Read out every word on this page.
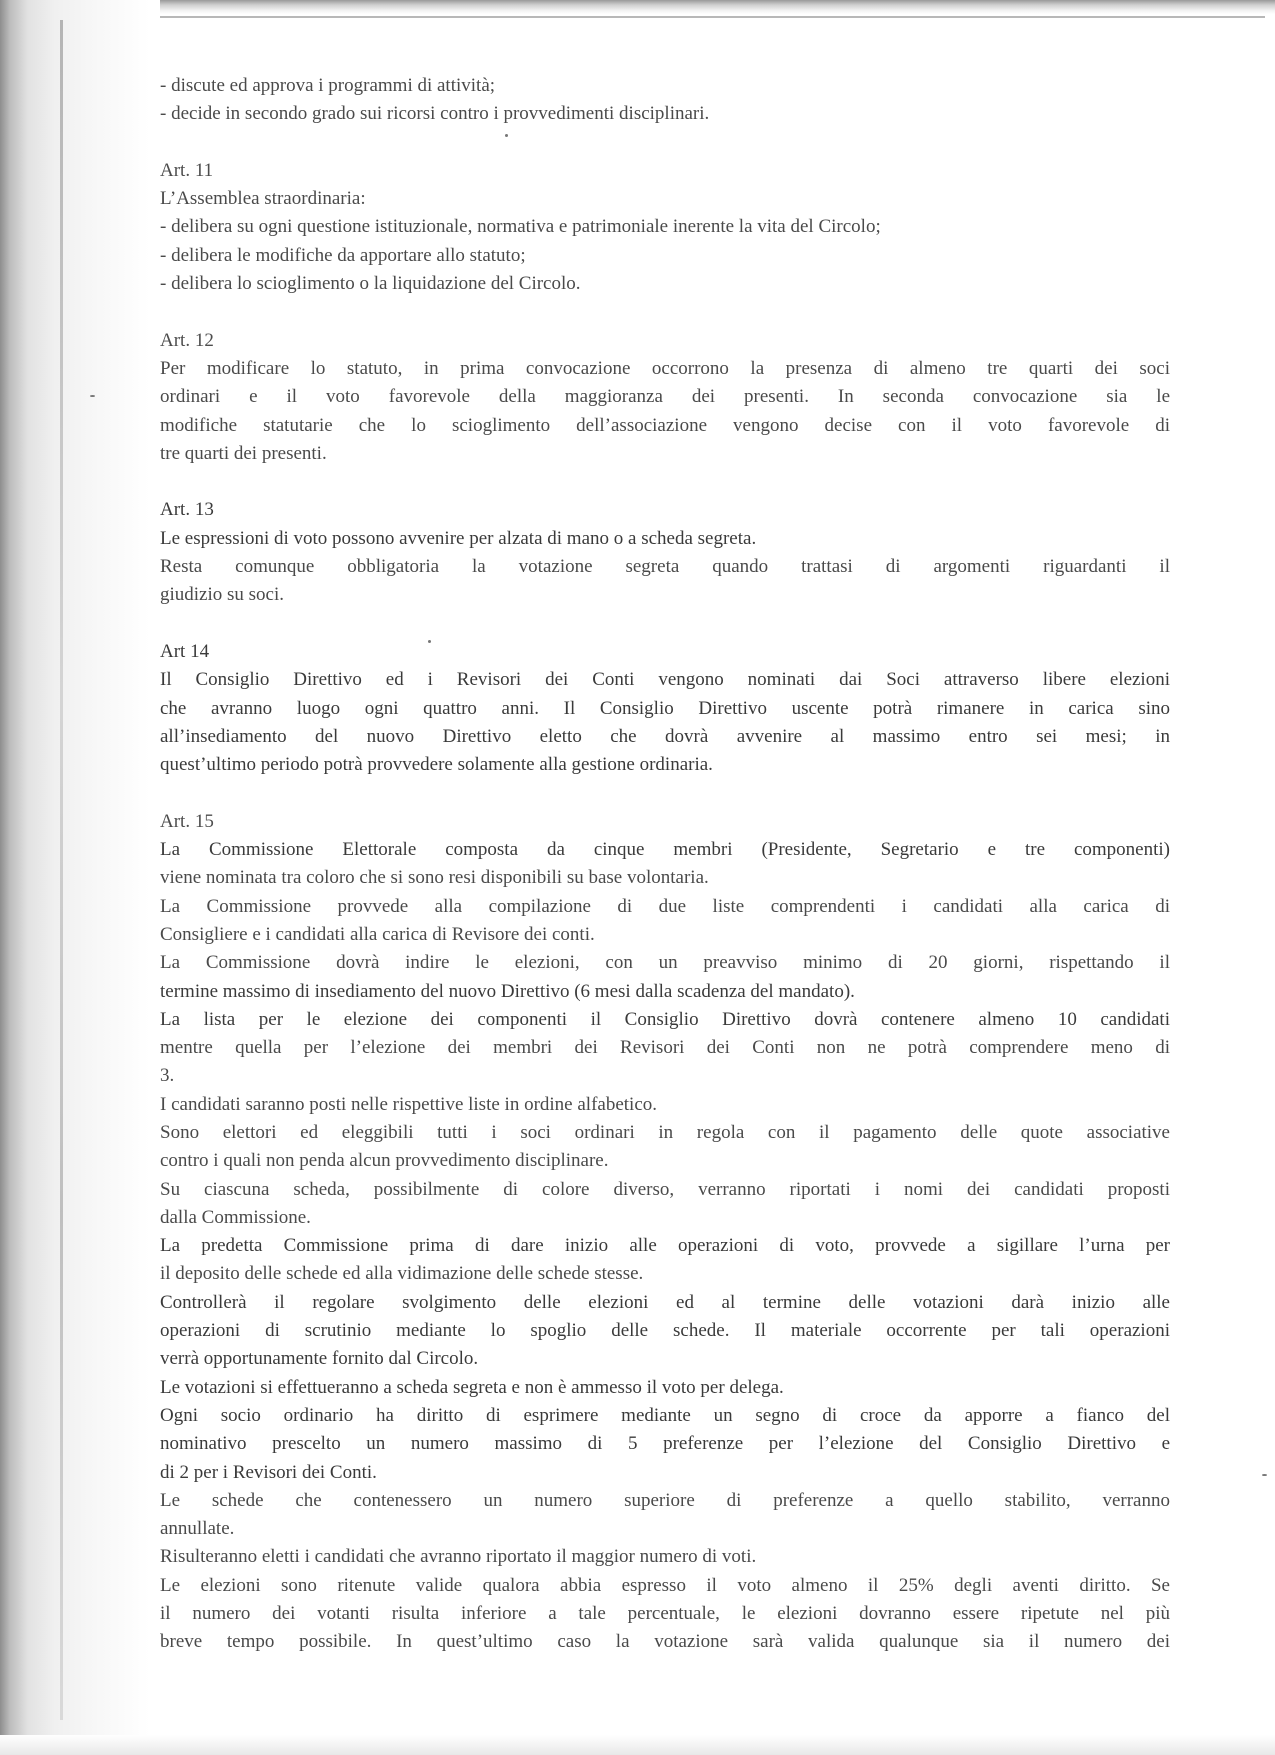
- discute ed approva i programmi di attività;
- decide in secondo grado sui ricorsi contro i provvedimenti disciplinari.
Art. 11
L’Assemblea straordinaria:
- delibera su ogni questione istituzionale, normativa e patrimoniale inerente la vita del Circolo;
- delibera le modifiche da apportare allo statuto;
- delibera lo scioglimento o la liquidazione del Circolo.
Art. 12
Per modificare lo statuto, in prima convocazione occorrono la presenza di almeno tre quarti dei soci
ordinari e il voto favorevole della maggioranza dei presenti. In seconda convocazione sia le
modifiche statutarie che lo scioglimento dell’associazione vengono decise con il voto favorevole di
tre quarti dei presenti.
Art. 13
Le espressioni di voto possono avvenire per alzata di mano o a scheda segreta.
Resta comunque obbligatoria la votazione segreta quando trattasi di argomenti riguardanti il
giudizio su soci.
Art 14
Il Consiglio Direttivo ed i Revisori dei Conti vengono nominati dai Soci attraverso libere elezioni
che avranno luogo ogni quattro anni. Il Consiglio Direttivo uscente potrà rimanere in carica sino
all’insediamento del nuovo Direttivo eletto che dovrà avvenire al massimo entro sei mesi; in
quest’ultimo periodo potrà provvedere solamente alla gestione ordinaria.
Art. 15
La Commissione Elettorale composta da cinque membri (Presidente, Segretario e tre componenti)
viene nominata tra coloro che si sono resi disponibili su base volontaria.
La Commissione provvede alla compilazione di due liste comprendenti i candidati alla carica di
Consigliere e i candidati alla carica di Revisore dei conti.
La Commissione dovrà indire le elezioni, con un preavviso minimo di 20 giorni, rispettando il
termine massimo di insediamento del nuovo Direttivo (6 mesi dalla scadenza del mandato).
La lista per le elezione dei componenti il Consiglio Direttivo dovrà contenere almeno 10 candidati
mentre quella per l’elezione dei membri dei Revisori dei Conti non ne potrà comprendere meno di
3.
I candidati saranno posti nelle rispettive liste in ordine alfabetico.
Sono elettori ed eleggibili tutti i soci ordinari in regola con il pagamento delle quote associative
contro i quali non penda alcun provvedimento disciplinare.
Su ciascuna scheda, possibilmente di colore diverso, verranno riportati i nomi dei candidati proposti
dalla Commissione.
La predetta Commissione prima di dare inizio alle operazioni di voto, provvede a sigillare l’urna per
il deposito delle schede ed alla vidimazione delle schede stesse.
Controllerà il regolare svolgimento delle elezioni ed al termine delle votazioni darà inizio alle
operazioni di scrutinio mediante lo spoglio delle schede. Il materiale occorrente per tali operazioni
verrà opportunamente fornito dal Circolo.
Le votazioni si effettueranno a scheda segreta e non è ammesso il voto per delega.
Ogni socio ordinario ha diritto di esprimere mediante un segno di croce da apporre a fianco del
nominativo prescelto un numero massimo di 5 preferenze per l’elezione del Consiglio Direttivo e
di 2 per i Revisori dei Conti.
Le schede che contenessero un numero superiore di preferenze a quello stabilito, verranno
annullate.
Risulteranno eletti i candidati che avranno riportato il maggior numero di voti.
Le elezioni sono ritenute valide qualora abbia espresso il voto almeno il 25% degli aventi diritto. Se
il numero dei votanti risulta inferiore a tale percentuale, le elezioni dovranno essere ripetute nel più
breve tempo possibile. In quest’ultimo caso la votazione sarà valida qualunque sia il numero dei
